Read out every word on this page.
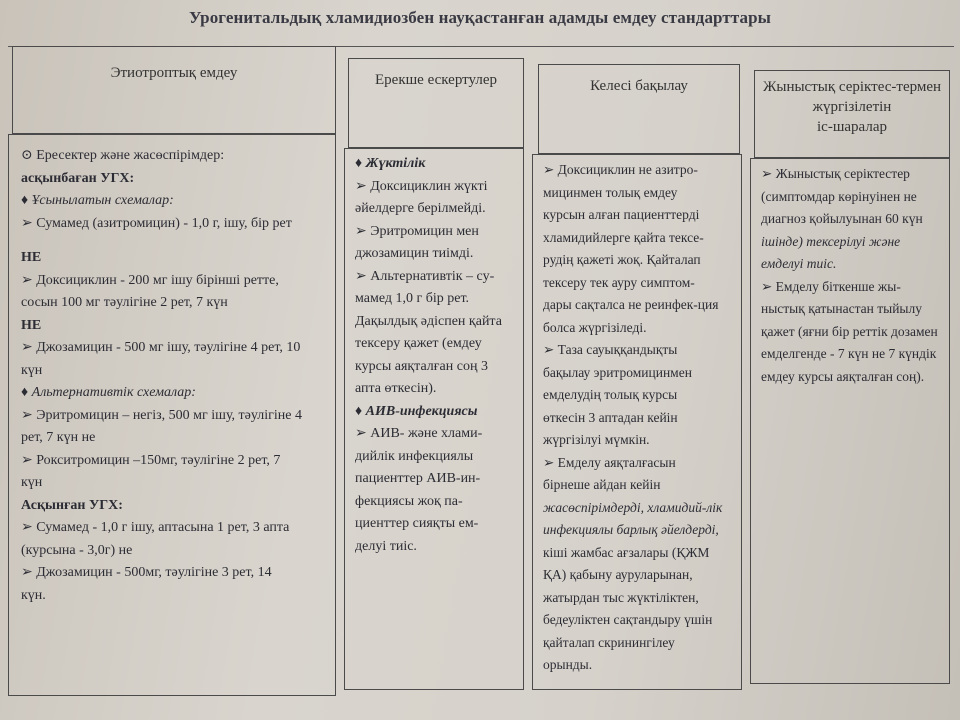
Урогенитальдық хламидиозбен науқастанған адамды емдеу стандарттары
Этиотроптық емдеу

⊙ Ересектер және жасөспірімдер:

асқынбаған УГХ:

♦ Ұсынылатын схемалар:

➢ Сумамед (азитромицин) - 1,0 г, ішу, бір рет

НЕ

➢ Доксициклин - 200 мг ішу бірінші ретте,

сосын 100 мг тәулігіне 2 рет, 7 күн

НЕ

➢ Джозамицин - 500 мг ішу, тәулігіне 4 рет, 10

күн

♦ Альтернативтік схемалар:

➢ Эритромицин – негіз, 500 мг ішу, тәулігіне 4

рет, 7 күн не

➢ Рокситромицин –150мг, тәулігіне 2 рет, 7

күн

Асқынған УГХ:

➢ Сумамед - 1,0 г ішу, аптасына 1 рет, 3 апта

(курсына - 3,0г) не

➢ Джозамицин - 500мг, тәулігіне 3 рет, 14

күн.

Ерекше ескертулер

♦ Жүктілік

➢ Доксициклин жүкті

әйелдерге берілмейді.

➢ Эритромицин мен

джозамицин тиімді.

➢ Альтернативтік – су-

мамед 1,0 г бір рет.

Дақылдық әдіспен қайта

тексеру қажет (емдеу

курсы аяқталған соң 3

апта өткесін).

♦ АИВ-инфекциясы

➢ АИВ- және хлами-

дийлік инфекциялы

пациенттер АИВ-ин-

фекциясы жоқ па-

циенттер сияқты ем-

делуі тиіс.

Келесі бақылау

➢ Доксициклин не азитро-

мицинмен толық емдеу

курсын алған пациенттерді

хламидийлерге қайта тексе-

рудің қажеті жоқ. Қайталап

тексеру тек ауру симптом-

дары сақталса не реинфек-ция

болса жүргізіледі.

➢ Таза сауыққандықты

бақылау эритромицинмен

емделудің толық курсы

өткесін 3 аптадан кейін

жүргізілуі мүмкін.

➢ Емделу аяқталғасын

бірнеше айдан кейін

жасөспірімдерді, хламидий-лік

инфекциялы барлық әйелдерді,

кіші жамбас ағзалары (ҚЖМ

ҚА) қабыну ауруларынан,

жатырдан тыс жүктіліктен,

бедеуліктен сақтандыру үшін

қайталап скринингілеу

орынды.

Жыныстық серіктес-термен
жүргізілетін
іс-шаралар

➢ Жыныстық серіктестер

(симптомдар көрінуінен не

диагноз қойылуынан 60 күн

ішінде) тексерілуі және

емделуі тиіс.

➢ Емделу біткенше жы-

ныстық қатынастан тыйылу

қажет (яғни бір реттік дозамен

емделгенде - 7 күн не 7 күндік

емдеу курсы аяқталған соң).
